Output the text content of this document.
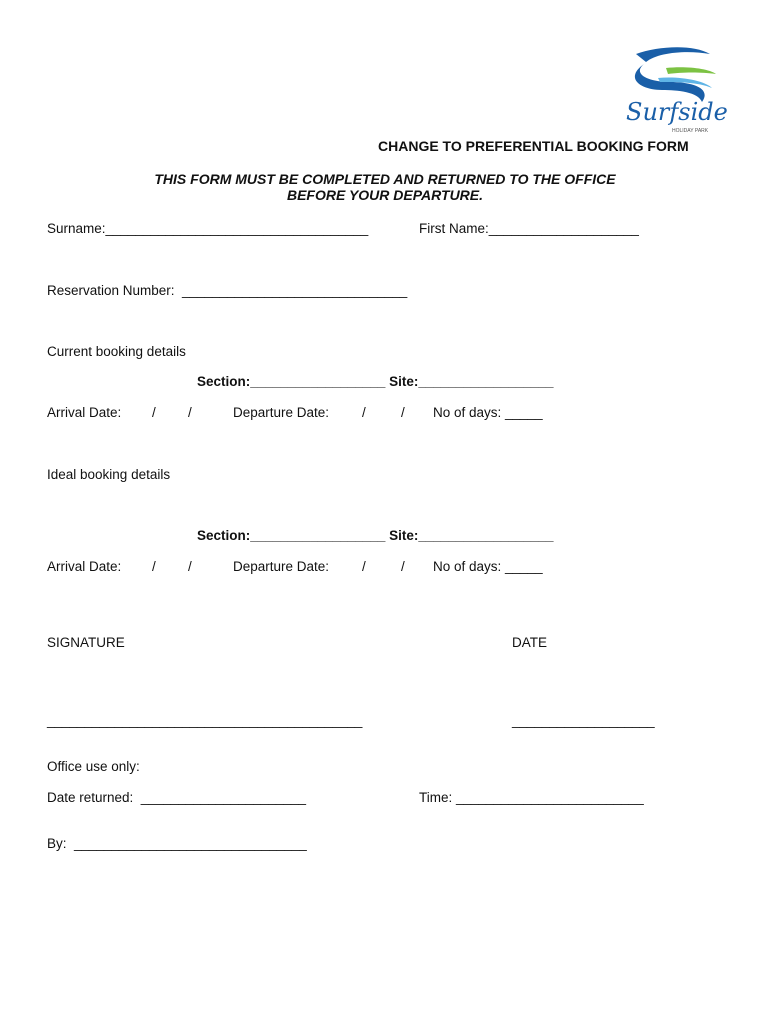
Surfside
HOLIDAY PARK
CHANGE TO PREFERENTIAL BOOKING FORM
THIS FORM MUST BE COMPLETED AND RETURNED TO THE OFFICE
BEFORE YOUR DEPARTURE.
Surname:___________________________________	First Name:____________________
Reservation Number:  ______________________________
Current booking details
Section:__________________ Site:__________________
Arrival Date: / /	Departure Date: /	/ No of days: _____
Ideal booking details
Section:__________________ Site:__________________
Arrival Date: / /	Departure Date: /	/ No of days: _____
SIGNATURE	DATE
__________________________________________	___________________
Office use only:
Date returned:  ______________________	Time: _________________________
By:  _______________________________
